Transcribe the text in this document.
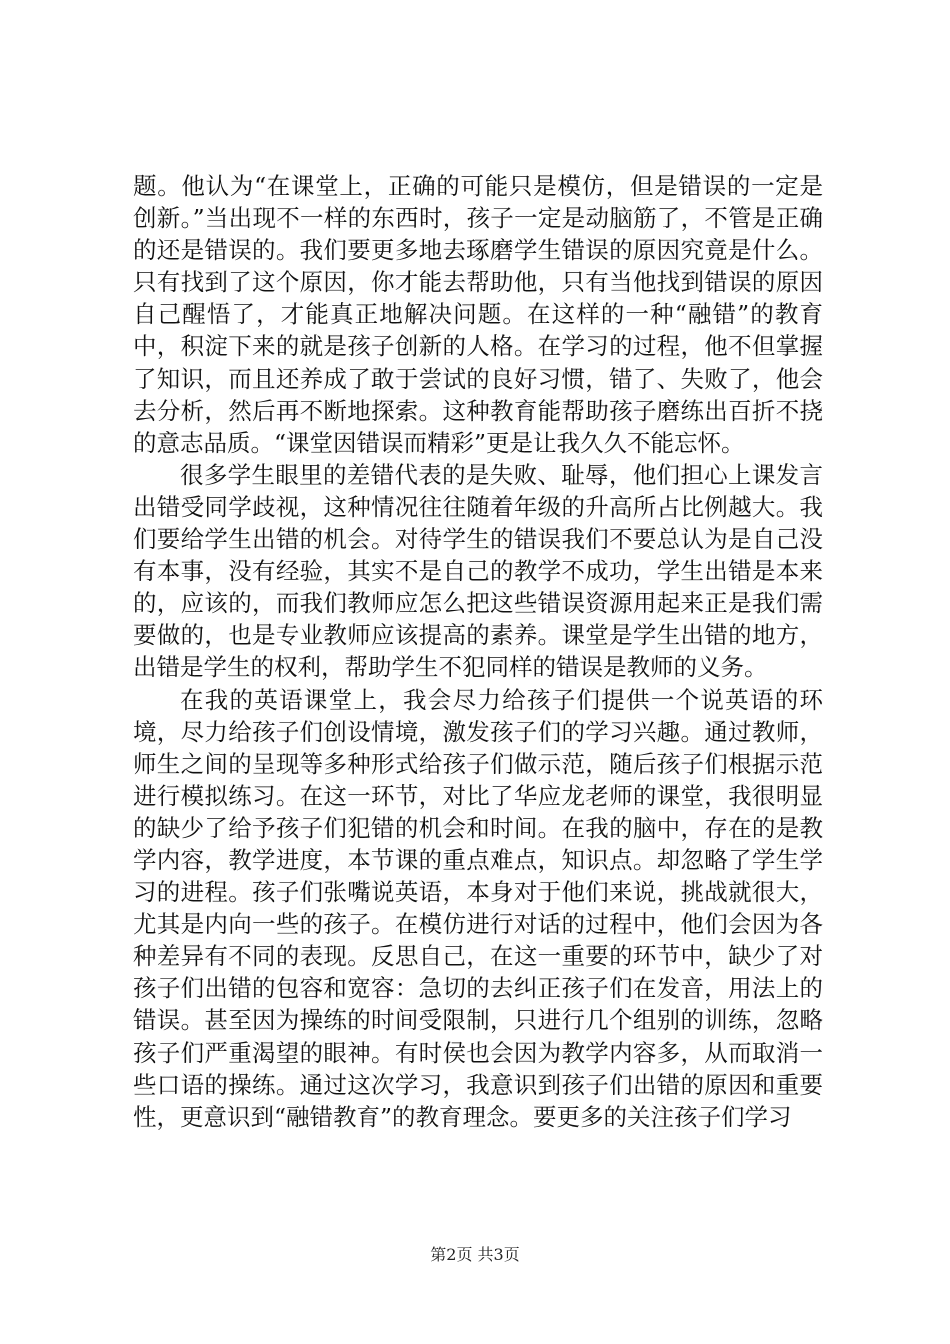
题。他认为“在课堂上，正确的可能只是模仿，但是错误的一定是创新。”当出现不一样的东西时，孩子一定是动脑筋了，不管是正确的还是错误的。我们要更多地去琢磨学生错误的原因究竟是什么。只有找到了这个原因，你才能去帮助他，只有当他找到错误的原因自己醒悟了，才能真正地解决问题。在这样的一种“融错”的教育中，积淀下来的就是孩子创新的人格。在学习的过程，他不但掌握了知识，而且还养成了敢于尝试的良好习惯，错了、失败了，他会去分析，然后再不断地探索。这种教育能帮助孩子磨练出百折不挠的意志品质。“课堂因错误而精彩”更是让我久久不能忘怀。

很多学生眼里的差错代表的是失败、耻辱，他们担心上课发言出错受同学歧视，这种情况往往随着年级的升高所占比例越大。我们要给学生出错的机会。对待学生的错误我们不要总认为是自己没有本事，没有经验，其实不是自己的教学不成功，学生出错是本来的，应该的，而我们教师应怎么把这些错误资源用起来正是我们需要做的，也是专业教师应该提高的素养。课堂是学生出错的地方，出错是学生的权利，帮助学生不犯同样的错误是教师的义务。

在我的英语课堂上，我会尽力给孩子们提供一个说英语的环境，尽力给孩子们创设情境，激发孩子们的学习兴趣。通过教师，师生之间的呈现等多种形式给孩子们做示范，随后孩子们根据示范进行模拟练习。在这一环节，对比了华应龙老师的课堂，我很明显的缺少了给予孩子们犯错的机会和时间。在我的脑中，存在的是教学内容，教学进度，本节课的重点难点，知识点。却忽略了学生学习的进程。孩子们张嘴说英语，本身对于他们来说，挑战就很大，尤其是内向一些的孩子。在模仿进行对话的过程中，他们会因为各种差异有不同的表现。反思自己，在这一重要的环节中，缺少了对孩子们出错的包容和宽容：急切的去纠正孩子们在发音，用法上的错误。甚至因为操练的时间受限制，只进行几个组别的训练，忽略孩子们严重渴望的眼神。有时侯也会因为教学内容多，从而取消一些口语的操练。通过这次学习，我意识到孩子们出错的原因和重要性，更意识到“融错教育”的教育理念。要更多的关注孩子们学习

第2页 共3页
